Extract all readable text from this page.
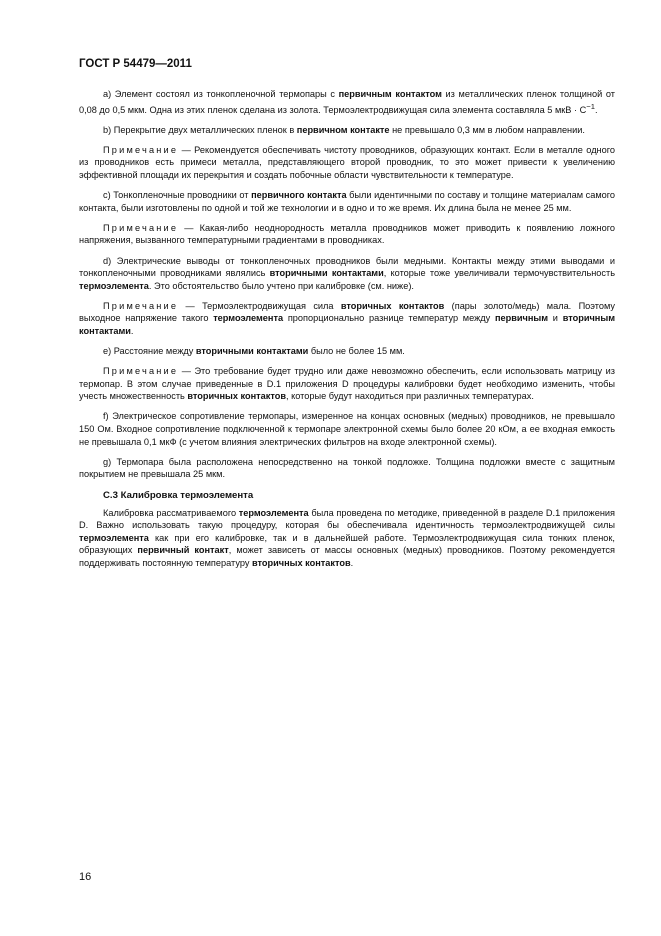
ГОСТ Р 54479—2011

а) Элемент состоял из тонкопленочной термопары с первичным контактом из металлических пленок толщиной от 0,08 до 0,5 мкм. Одна из этих пленок сделана из золота. Термоэлектродвижущая сила элемента составляла 5 мкВ · $С^{-1}$.

b) Перекрытие двух металлических пленок в первичном контакте не превышало 0,3 мм в любом направлении.

Примечание — Рекомендуется обеспечивать чистоту проводников, образующих контакт. Если в металле одного из проводников есть примеси металла, представляющего второй проводник, то это может привести к увеличению эффективной площади их перекрытия и создать побочные области чувствительности к температуре.

c) Тонкопленочные проводники от первичного контакта были идентичными по составу и толщине материалам самого контакта, были изготовлены по одной и той же технологии и в одно и то же время. Их длина была не менее 25 мм.

Примечание — Какая-либо неоднородность металла проводников может приводить к появлению ложного напряжения, вызванного температурными градиентами в проводниках.

d) Электрические выводы от тонкопленочных проводников были медными. Контакты между этими выводами и тонкопленочными проводниками являлись вторичными контактами, которые тоже увеличивали термочувствительность термоэлемента. Это обстоятельство было учтено при калибровке (см. ниже).

Примечание — Термоэлектродвижущая сила вторичных контактов (пары золото/медь) мала. Поэтому выходное напряжение такого термоэлемента пропорционально разнице температур между первичным и вторичным контактами.

e) Расстояние между вторичными контактами было не более 15 мм.

Примечание — Это требование будет трудно или даже невозможно обеспечить, если использовать матрицу из термопар. В этом случае приведенные в D.1 приложения D процедуры калибровки будет необходимо изменить, чтобы учесть множественность вторичных контактов, которые будут находиться при различных температурах.

f) Электрическое сопротивление термопары, измеренное на концах основных (медных) проводников, не превышало 150 Ом. Входное сопротивление подключенной к термопаре электронной схемы было более 20 кОм, а ее входная емкость не превышала 0,1 мкФ (с учетом влияния электрических фильтров на входе электронной схемы).

g) Термопара была расположена непосредственно на тонкой подложке. Толщина подложки вместе с защитным покрытием не превышала 25 мкм.

С.3 Калибровка термоэлемента

Калибровка рассматриваемого термоэлемента была проведена по методике, приведенной в разделе D.1 приложения D. Важно использовать такую процедуру, которая бы обеспечивала идентичность термоэлектродвижущей силы термоэлемента как при его калибровке, так и в дальнейшей работе. Термоэлектродвижущая сила тонких пленок, образующих первичный контакт, может зависеть от массы основных (медных) проводников. Поэтому рекомендуется поддерживать постоянную температуру вторичных контактов.

16
